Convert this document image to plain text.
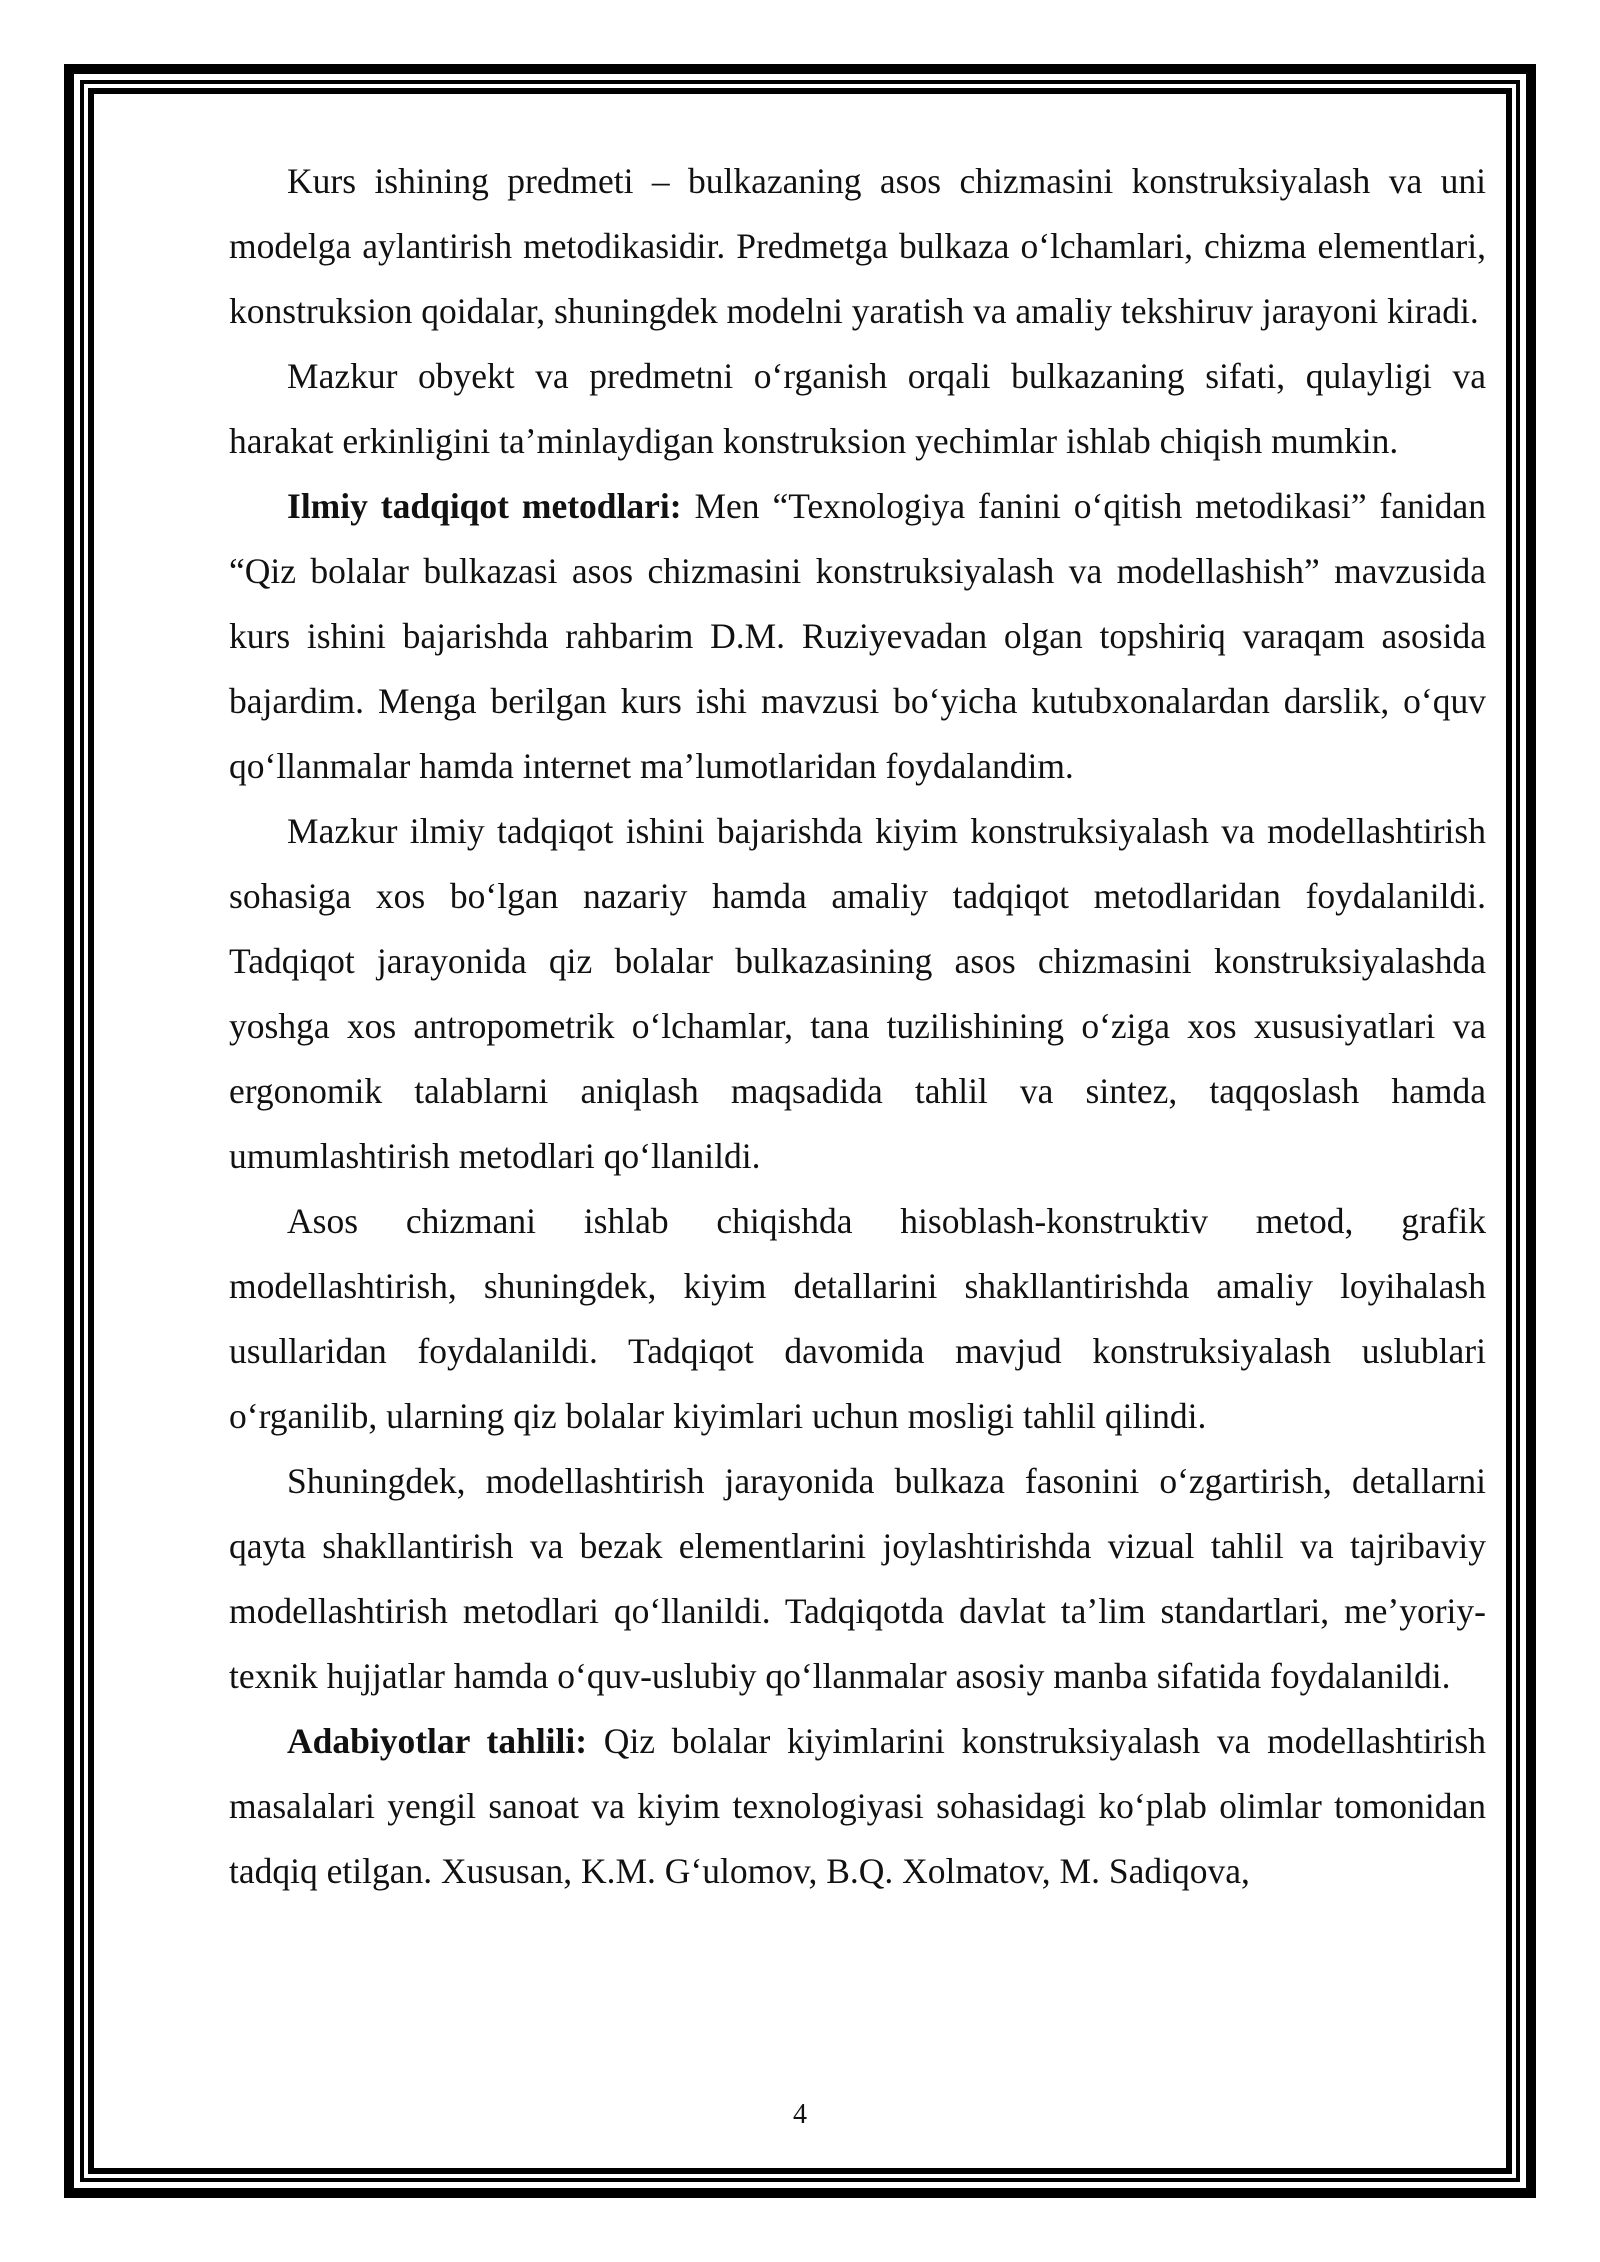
Kurs ishining predmeti – bulkazaning asos chizmasini konstruksiyalash va uni modelga aylantirish metodikasidir. Predmetga bulkaza oʻlchamlari, chizma elementlari, konstruksion qoidalar, shuningdek modelni yaratish va amaliy tekshiruv jarayoni kiradi.

Mazkur obyekt va predmetni oʻrganish orqali bulkazaning sifati, qulayligi va harakat erkinligini taʼminlaydigan konstruksion yechimlar ishlab chiqish mumkin.

Ilmiy tadqiqot metodlari: Men “Texnologiya fanini oʻqitish metodikasi” fanidan “Qiz bolalar bulkazasi asos chizmasini konstruksiyalash va modellashish” mavzusida kurs ishini bajarishda rahbarim D.M. Ruziyevadan olgan topshiriq varaqam asosida bajardim. Menga berilgan kurs ishi mavzusi boʻyicha kutubxonalardan darslik, oʻquv qoʻllanmalar hamda internet maʼlumotlaridan foydalandim.

Mazkur ilmiy tadqiqot ishini bajarishda kiyim konstruksiyalash va modellashtirish sohasiga xos boʻlgan nazariy hamda amaliy tadqiqot metodlaridan foydalanildi. Tadqiqot jarayonida qiz bolalar bulkazasining asos chizmasini konstruksiyalashda yoshga xos antropometrik oʻlchamlar, tana tuzilishining oʻziga xos xususiyatlari va ergonomik talablarni aniqlash maqsadida tahlil va sintez, taqqoslash hamda umumlashtirish metodlari qoʻllanildi.

Asos chizmani ishlab chiqishda hisoblash-konstruktiv metod, grafik modellashtirish, shuningdek, kiyim detallarini shakllantirishda amaliy loyihalash usullaridan foydalanildi. Tadqiqot davomida mavjud konstruksiyalash uslublari oʻrganilib, ularning qiz bolalar kiyimlari uchun mosligi tahlil qilindi.

Shuningdek, modellashtirish jarayonida bulkaza fasonini oʻzgartirish, detallarni qayta shakllantirish va bezak elementlarini joylashtirishda vizual tahlil va tajribaviy modellashtirish metodlari qoʻllanildi. Tadqiqotda davlat taʼlim standartlari, meʼyoriy-texnik hujjatlar hamda oʻquv-uslubiy qoʻllanmalar asosiy manba sifatida foydalanildi.

Adabiyotlar tahlili: Qiz bolalar kiyimlarini konstruksiyalash va modellashtirish masalalari yengil sanoat va kiyim texnologiyasi sohasidagi koʻplab olimlar tomonidan tadqiq etilgan. Xususan, K.M. Gʻulomov, B.Q. Xolmatov, M. Sadiqova,

4
